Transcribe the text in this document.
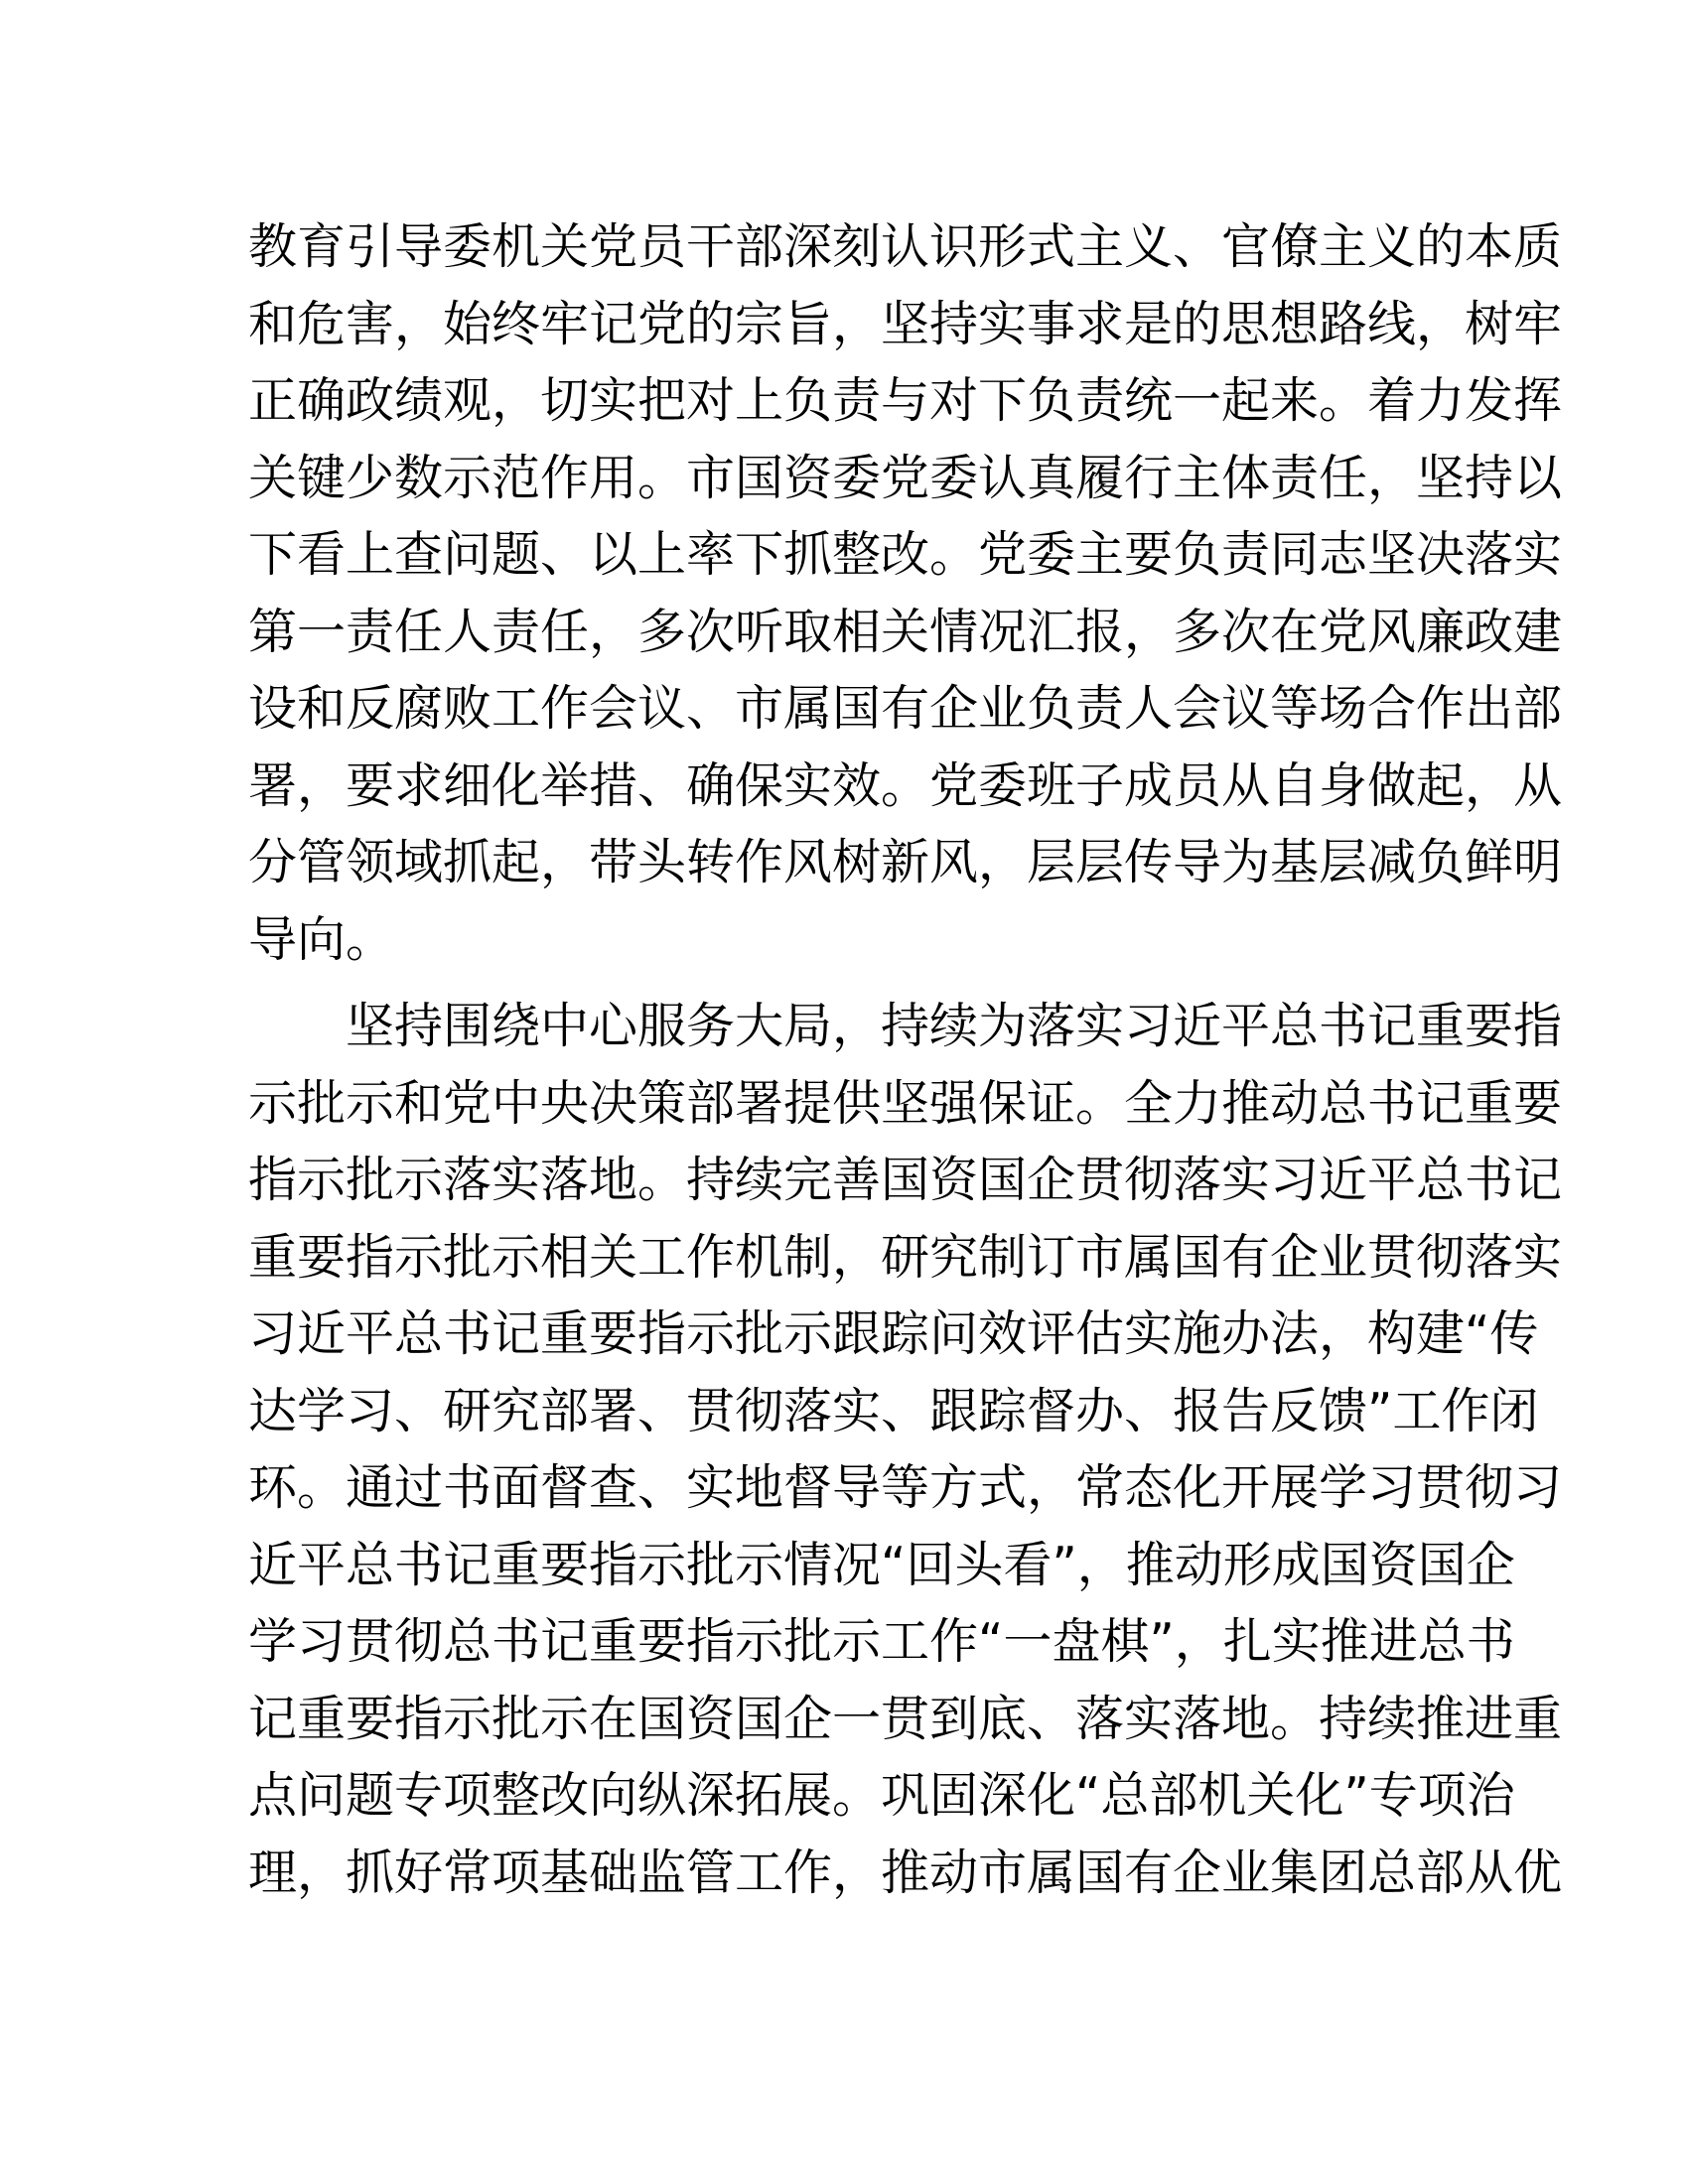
教育引导委机关党员干部深刻认识形式主义、官僚主义的本质
和危害，始终牢记党的宗旨，坚持实事求是的思想路线，树牢
正确政绩观，切实把对上负责与对下负责统一起来。着力发挥
关键少数示范作用。市国资委党委认真履行主体责任，坚持以
下看上查问题、以上率下抓整改。党委主要负责同志坚决落实
第一责任人责任，多次听取相关情况汇报，多次在党风廉政建
设和反腐败工作会议、市属国有企业负责人会议等场合作出部
署，要求细化举措、确保实效。党委班子成员从自身做起，从
分管领域抓起，带头转作风树新风，层层传导为基层减负鲜明
导向。
坚持围绕中心服务大局，持续为落实习近平总书记重要指
示批示和党中央决策部署提供坚强保证。全力推动总书记重要
指示批示落实落地。持续完善国资国企贯彻落实习近平总书记
重要指示批示相关工作机制，研究制订市属国有企业贯彻落实
习近平总书记重要指示批示跟踪问效评估实施办法，构建“传
达学习、研究部署、贯彻落实、跟踪督办、报告反馈”工作闭
环。通过书面督查、实地督导等方式，常态化开展学习贯彻习
近平总书记重要指示批示情况“回头看”，推动形成国资国企
学习贯彻总书记重要指示批示工作“一盘棋”，扎实推进总书
记重要指示批示在国资国企一贯到底、落实落地。持续推进重
点问题专项整改向纵深拓展。巩固深化“总部机关化”专项治
理，抓好常项基础监管工作，推动市属国有企业集团总部从优
